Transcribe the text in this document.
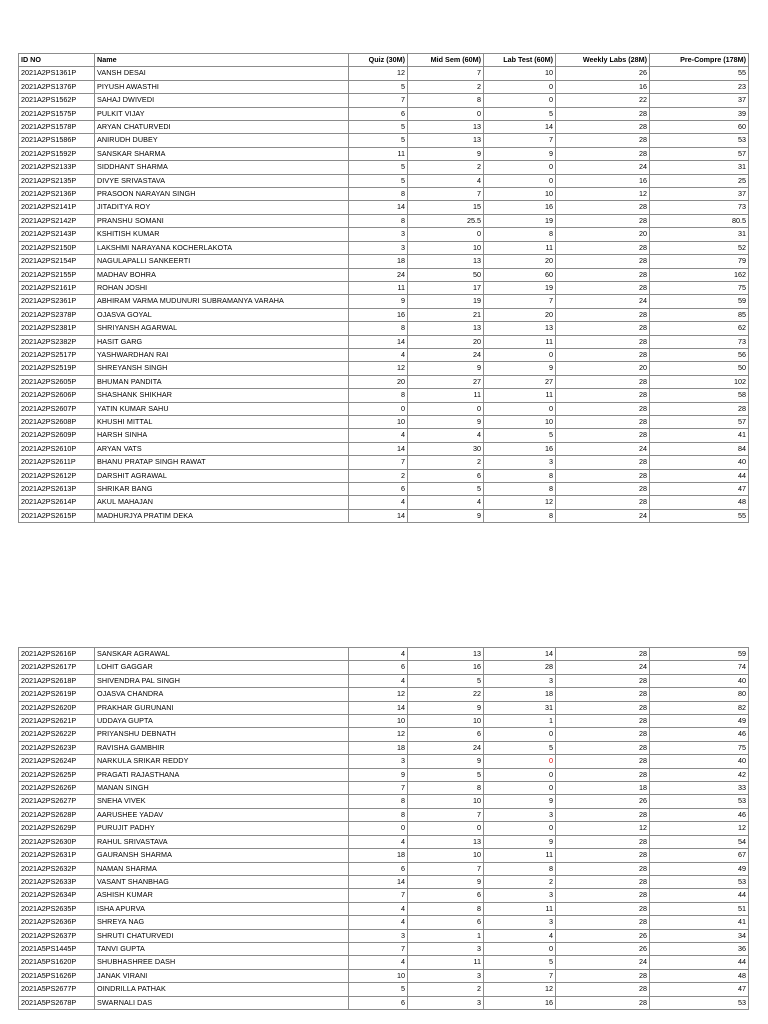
ID NO	Name	Quiz (30M)	Mid Sem (60M)	Lab Test (60M)	Weekly Labs (28M)	Pre-Compre (178M)
2021A2PS1361P	VANSH DESAI	12	7	10	26	55
2021A2PS1376P	PIYUSH AWASTHI	5	2	0	16	23
2021A2PS1562P	SAHAJ DWIVEDI	7	8	0	22	37
2021A2PS1575P	PULKIT VIJAY	6	0	5	28	39
2021A2PS1578P	ARYAN CHATURVEDI	5	13	14	28	60
2021A2PS1586P	ANIRUDH DUBEY	5	13	7	28	53
2021A2PS1592P	SANSKAR SHARMA	11	9	9	28	57
2021A2PS2133P	SIDDHANT SHARMA	5	2	0	24	31
2021A2PS2135P	DIVYE SRIVASTAVA	5	4	0	16	25
2021A2PS2136P	PRASOON NARAYAN SINGH	8	7	10	12	37
2021A2PS2141P	JITADITYA ROY	14	15	16	28	73
2021A2PS2142P	PRANSHU SOMANI	8	25.5	19	28	80.5
2021A2PS2143P	KSHITISH KUMAR	3	0	8	20	31
2021A2PS2150P	LAKSHMI NARAYANA KOCHERLAKOTA	3	10	11	28	52
2021A2PS2154P	NAGULAPALLI SANKEERTI	18	13	20	28	79
2021A2PS2155P	MADHAV BOHRA	24	50	60	28	162
2021A2PS2161P	ROHAN JOSHI	11	17	19	28	75
2021A2PS2361P	ABHIRAM VARMA MUDUNURI SUBRAMANYA VARAHA	9	19	7	24	59
2021A2PS2378P	OJASVA GOYAL	16	21	20	28	85
2021A2PS2381P	SHRIYANSH AGARWAL	8	13	13	28	62
2021A2PS2382P	HASIT GARG	14	20	11	28	73
2021A2PS2517P	YASHWARDHAN RAI	4	24	0	28	56
2021A2PS2519P	SHREYANSH SINGH	12	9	9	20	50
2021A2PS2605P	BHUMAN PANDITA	20	27	27	28	102
2021A2PS2606P	SHASHANK SHIKHAR	8	11	11	28	58
2021A2PS2607P	YATIN KUMAR SAHU	0	0	0	28	28
2021A2PS2608P	KHUSHI MITTAL	10	9	10	28	57
2021A2PS2609P	HARSH SINHA	4	4	5	28	41
2021A2PS2610P	ARYAN VATS	14	30	16	24	84
2021A2PS2611P	BHANU PRATAP SINGH RAWAT	7	2	3	28	40
2021A2PS2612P	DARSHIT AGRAWAL	2	6	8	28	44
2021A2PS2613P	SHRIKAR BANG	6	5	8	28	47
2021A2PS2614P	AKUL MAHAJAN	4	4	12	28	48
2021A2PS2615P	MADHURJYA PRATIM DEKA	14	9	8	24	55
2021A2PS2616P	SANSKAR AGRAWAL	4	13	14	28	59
2021A2PS2617P	LOHIT GAGGAR	6	16	28	24	74
2021A2PS2618P	SHIVENDRA PAL SINGH	4	5	3	28	40
2021A2PS2619P	OJASVA CHANDRA	12	22	18	28	80
2021A2PS2620P	PRAKHAR GURUNANI	14	9	31	28	82
2021A2PS2621P	UDDAYA GUPTA	10	10	1	28	49
2021A2PS2622P	PRIYANSHU DEBNATH	12	6	0	28	46
2021A2PS2623P	RAVISHA GAMBHIR	18	24	5	28	75
2021A2PS2624P	NARKULA SRIKAR REDDY	3	9	0	28	40
2021A2PS2625P	PRAGATI RAJASTHANA	9	5	0	28	42
2021A2PS2626P	MANAN SINGH	7	8	0	18	33
2021A2PS2627P	SNEHA VIVEK	8	10	9	26	53
2021A2PS2628P	AARUSHEE YADAV	8	7	3	28	46
2021A2PS2629P	PURUJIT PADHY	0	0	0	12	12
2021A2PS2630P	RAHUL SRIVASTAVA	4	13	9	28	54
2021A2PS2631P	GAURANSH SHARMA	18	10	11	28	67
2021A2PS2632P	NAMAN SHARMA	6	7	8	28	49
2021A2PS2633P	VASANT SHANBHAG	14	9	2	28	53
2021A2PS2634P	ASHISH KUMAR	7	6	3	28	44
2021A2PS2635P	ISHA APURVA	4	8	11	28	51
2021A2PS2636P	SHREYA NAG	4	6	3	28	41
2021A2PS2637P	SHRUTI CHATURVEDI	3	1	4	26	34
2021A5PS1445P	TANVI GUPTA	7	3	0	26	36
2021A5PS1620P	SHUBHASHREE DASH	4	11	5	24	44
2021A5PS1626P	JANAK VIRANI	10	3	7	28	48
2021A5PS2677P	OINDRILLA PATHAK	5	2	12	28	47
2021A5PS2678P	SWARNALI DAS	6	3	16	28	53
